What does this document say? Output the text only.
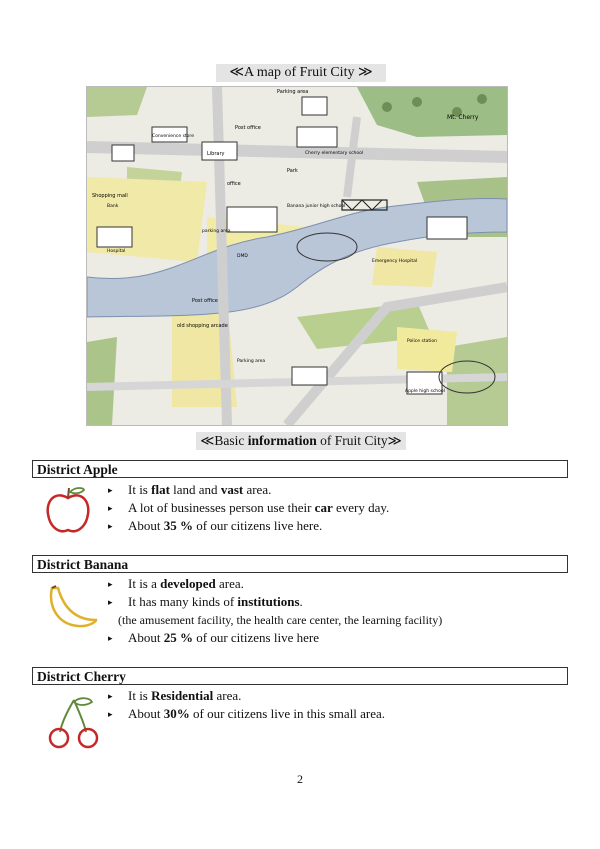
≪A map of Fruit City ≫
Parking area
Mt. Cherry
Convenience store
Post office
Library	Cherry elementary school
Park
Shopping mall
office
Banana junior high school
parking area
Hospital
Emergency Hospital
Post office
old shopping arcade
Parking area
Police station
Apple high school
Bank
DMD
≪Basic information of Fruit City≫
District Apple
▸ It is flat land and vast area.
▸ A lot of businesses person use their car every day.
▸ About 35 % of our citizens live here.
District Banana
▸ It is a developed area.
▸ It has many kinds of institutions.
(the amusement facility, the health care center, the learning facility)
▸ About 25 % of our citizens live here
District Cherry
▸ It is Residential area.
▸ About 30% of our citizens live in this small area.
2
